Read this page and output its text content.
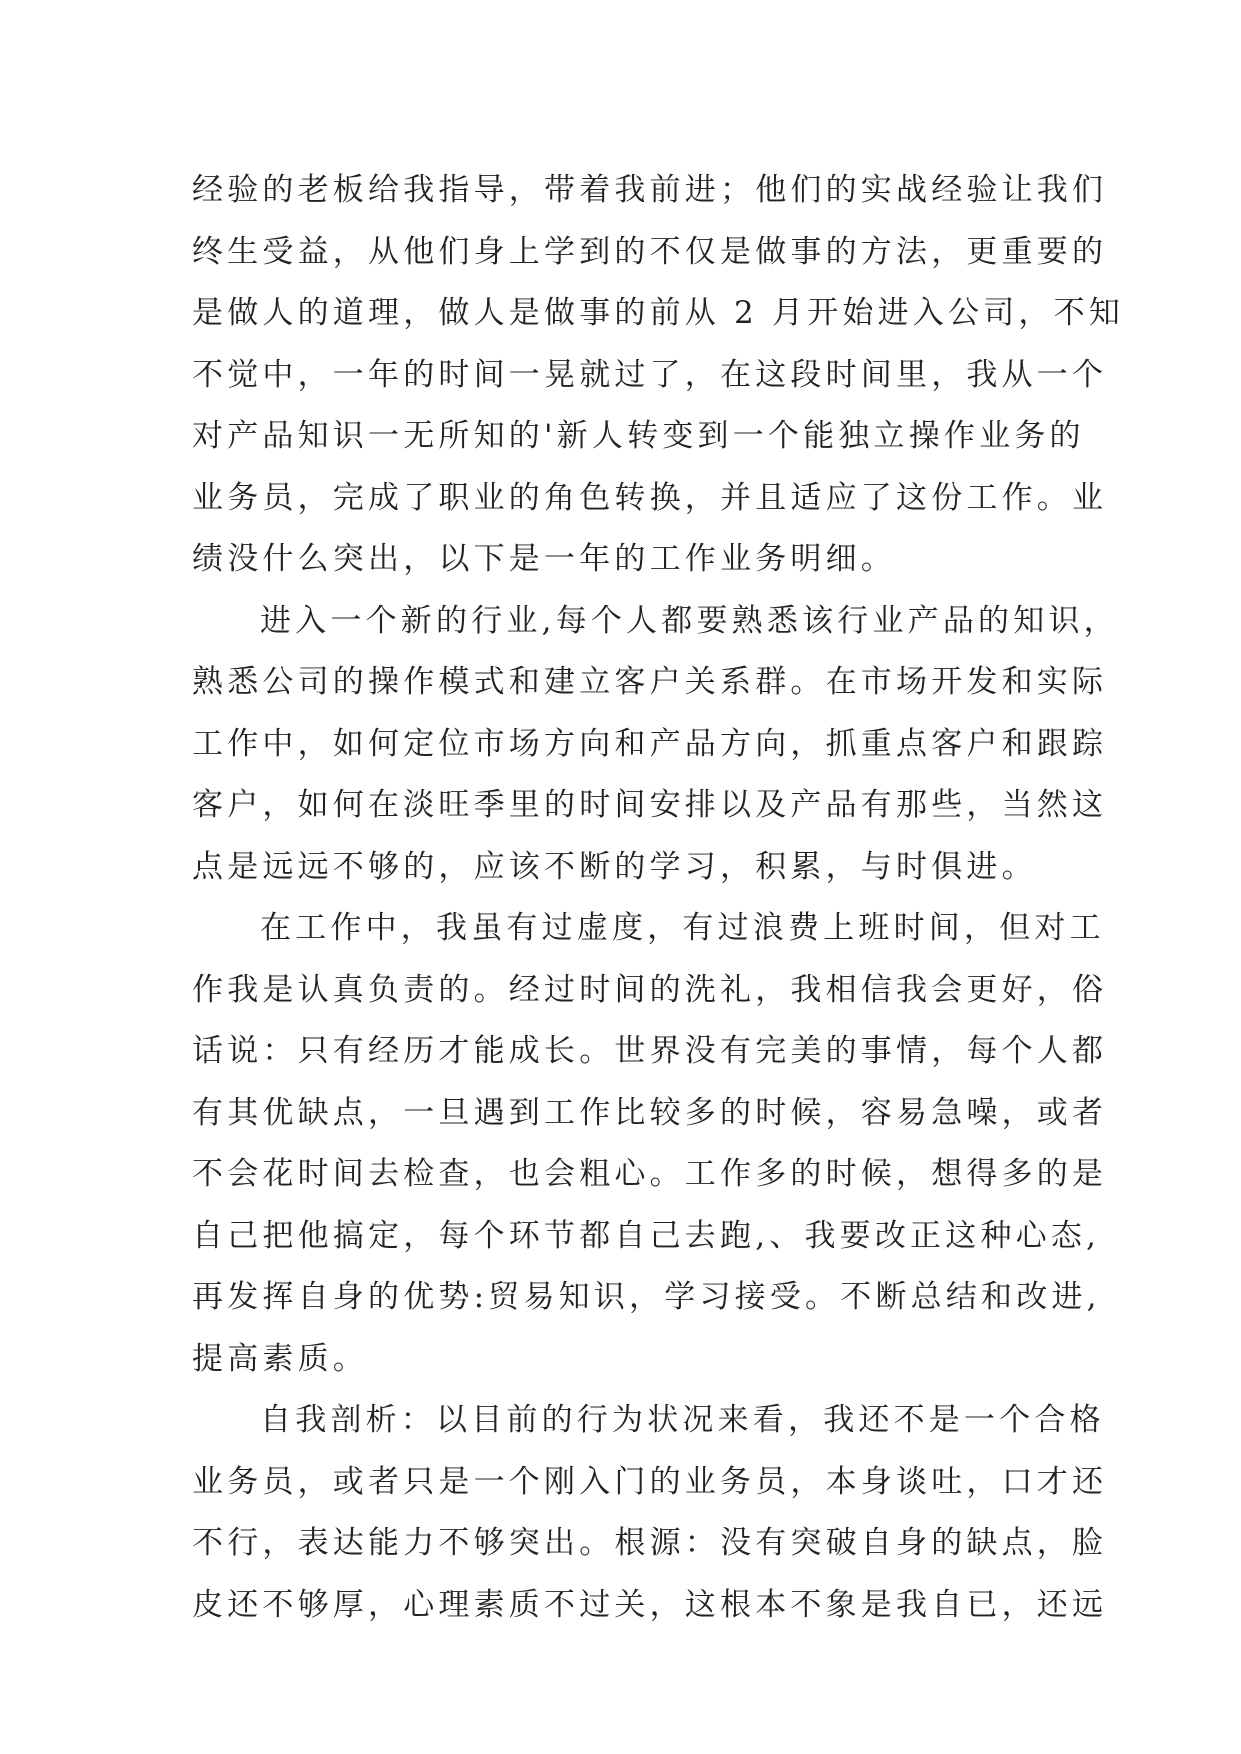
经验的老板给我指导，带着我前进；他们的实战经验让我们
终生受益，从他们身上学到的不仅是做事的方法，更重要的
是做人的道理，做人是做事的前从 2 月开始进入公司，不知
不觉中，一年的时间一晃就过了，在这段时间里，我从一个
对产品知识一无所知的'新人转变到一个能独立操作业务的
业务员，完成了职业的角色转换，并且适应了这份工作。业
绩没什么突出，以下是一年的工作业务明细。
进入一个新的行业,每个人都要熟悉该行业产品的知识，
熟悉公司的操作模式和建立客户关系群。在市场开发和实际
工作中，如何定位市场方向和产品方向，抓重点客户和跟踪
客户，如何在淡旺季里的时间安排以及产品有那些，当然这
点是远远不够的，应该不断的学习，积累，与时俱进。
在工作中，我虽有过虚度，有过浪费上班时间，但对工
作我是认真负责的。经过时间的洗礼，我相信我会更好，俗
话说：只有经历才能成长。世界没有完美的事情，每个人都
有其优缺点，一旦遇到工作比较多的时候，容易急噪，或者
不会花时间去检查，也会粗心。工作多的时候，想得多的是
自己把他搞定，每个环节都自己去跑,、我要改正这种心态,
再发挥自身的优势:贸易知识，学习接受。不断总结和改进,
提高素质。
自我剖析：以目前的行为状况来看，我还不是一个合格
业务员，或者只是一个刚入门的业务员，本身谈吐，口才还
不行，表达能力不够突出。根源：没有突破自身的缺点，脸
皮还不够厚，心理素质不过关，这根本不象是我自已，还远
